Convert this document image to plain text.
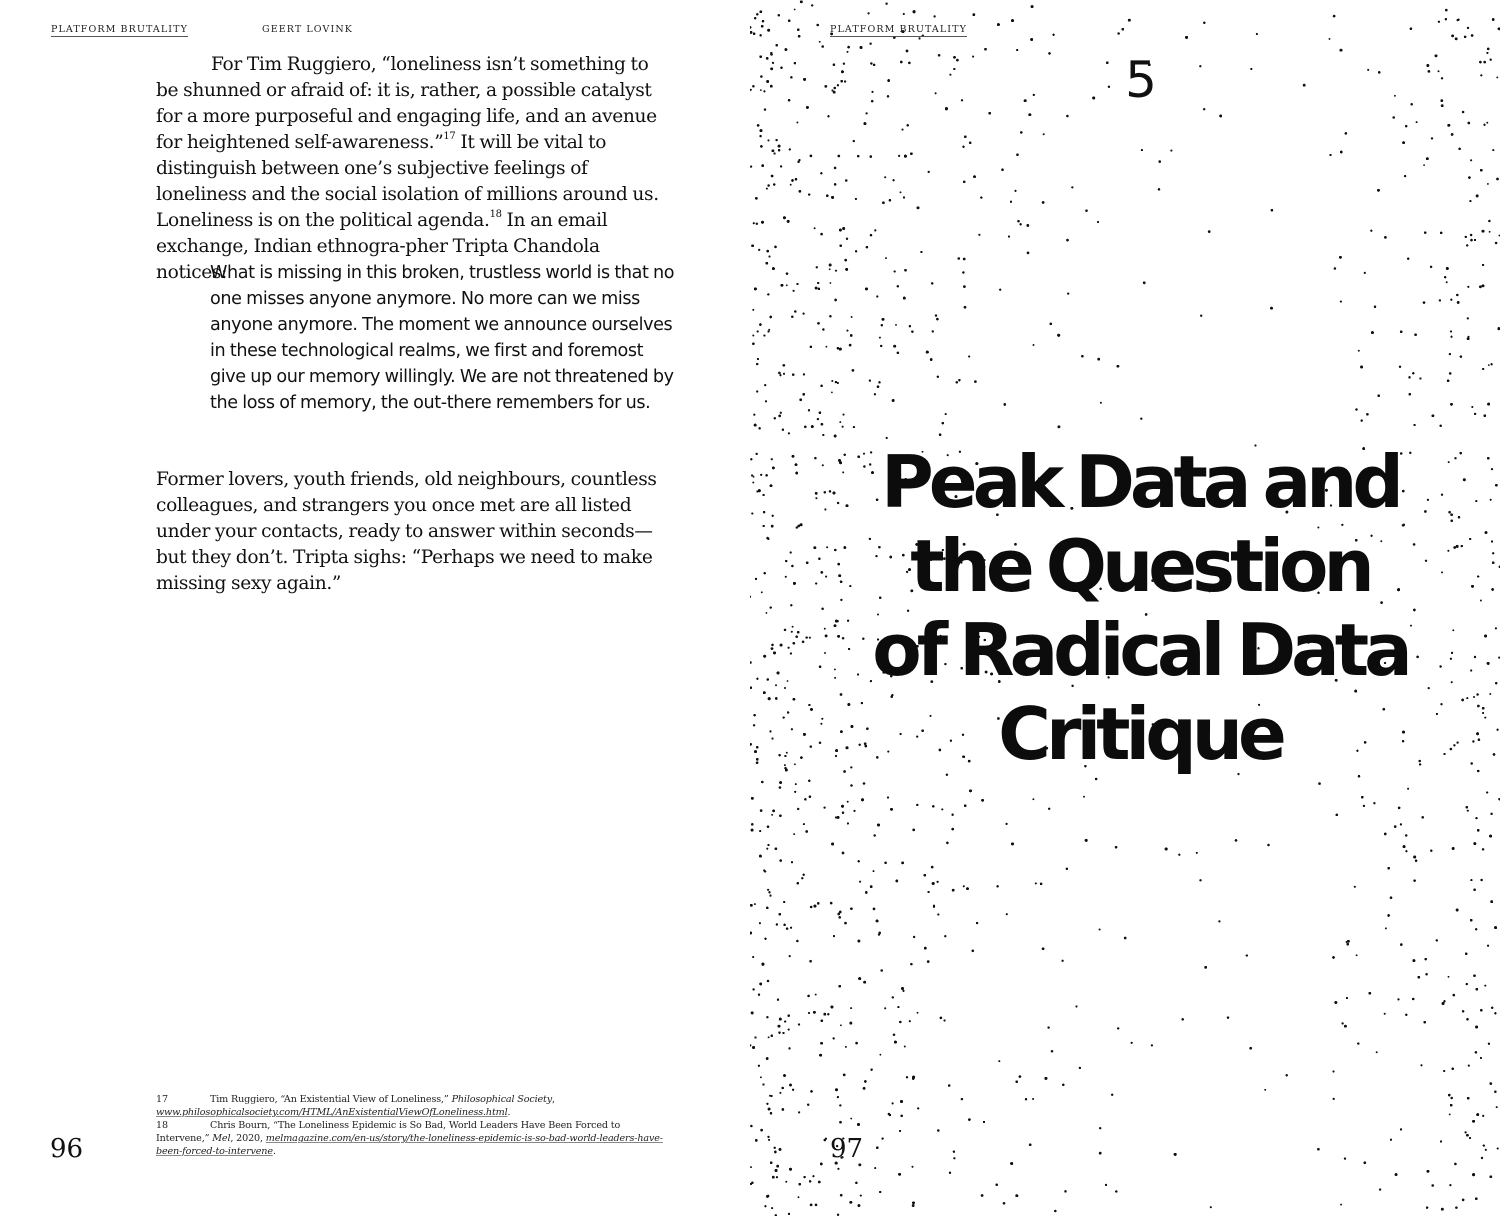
PLATFORM BRUTALITY	GEERT LOVINK

For Tim Ruggiero, “loneliness isn’t something to be shunned or afraid of: it is, rather, a possible catalyst for a more purposeful and engaging life, and an avenue for heightened self-awareness.”$^{17}$ It will be vital to distinguish between one’s subjective feelings of loneliness and the social isolation of millions around us. Loneliness is on the political agenda.$^{18}$ In an email exchange, Indian ethnogra-pher Tripta Chandola notices:

What is missing in this broken, trustless world is that no one misses anyone anymore. No more can we miss anyone anymore. The moment we announce ourselves in these technological realms, we first and foremost give up our memory willingly. We are not threatened by the loss of memory, the out-there remembers for us.

Former lovers, youth friends, old neighbours, countless colleagues, and strangers you once met are all listed under your contacts, ready to answer within seconds—but they don’t. Tripta sighs: “Perhaps we need to make missing sexy again.”

17	Tim Ruggiero, “An Existential View of Loneliness,” Philosophical Society, www.philosophicalsociety.com/HTML/AnExistentialViewOfLoneliness.html.
18	Chris Bourn, “The Loneliness Epidemic is So Bad, World Leaders Have Been Forced to Intervene,” Mel, 2020, melmagazine.com/en-us/story/the-loneliness-epidemic-is-so-bad-world-leaders-have-been-forced-to-intervene.
96
PLATFORM BRUTALITY
5
Peak Data and
the Question
of Radical Data
Critique
97
